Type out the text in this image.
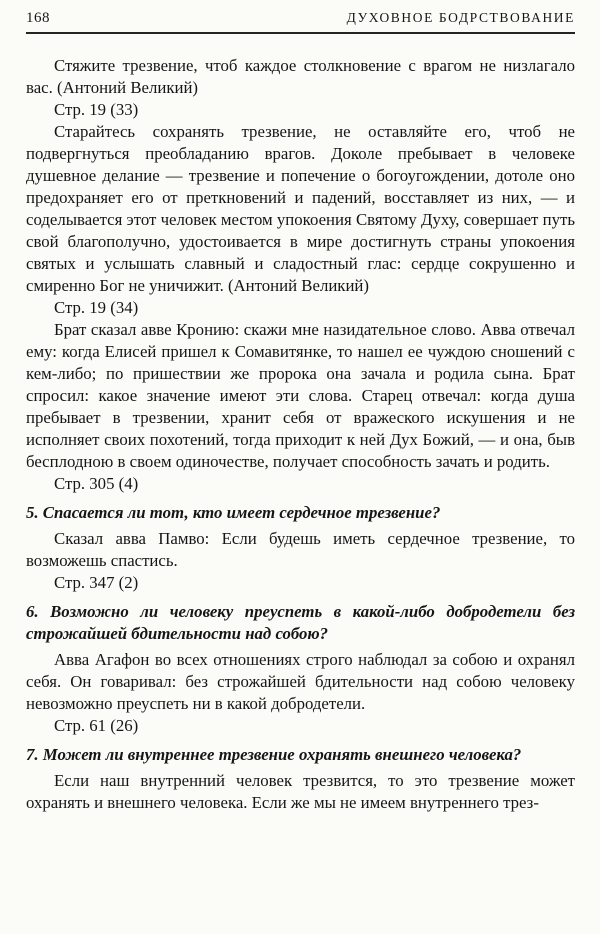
168	ДУХОВНОЕ БОДРСТВОВАНИЕ

Стяжите трезвение, чтоб каждое столкновение с врагом не низлагало вас. (Антоний Великий)

Стр. 19 (33)

Старайтесь сохранять трезвение, не оставляйте его, чтоб не подвергнуться преобладанию врагов. Доколе пребывает в человеке душевное делание — трезвение и попечение о богоугождении, дотоле оно предохраняет его от преткновений и падений, восставляет из них, — и соделывается этот человек местом упокоения Святому Духу, совершает путь свой благополучно, удостоивается в мире достигнуть страны упокоения святых и услышать славный и сладостный глас: сердце сокрушенно и смиренно Бог не уничижит. (Антоний Великий)

Стр. 19 (34)

Брат сказал авве Кронию: скажи мне назидательное слово. Авва отвечал ему: когда Елисей пришел к Сомавитянке, то нашел ее чуждою сношений с кем-либо; по пришествии же пророка она зачала и родила сына. Брат спросил: какое значение имеют эти слова. Старец отвечал: когда душа пребывает в трезвении, хранит себя от вражеского искушения и не исполняет своих похотений, тогда приходит к ней Дух Божий, — и она, быв бесплодною в своем одиночестве, получает способность зачать и родить.

Стр. 305 (4)

5. Спасается ли тот, кто имеет сердечное трезвение?

Сказал авва Памво: Если будешь иметь сердечное трезвение, то возможешь спастись.

Стр. 347 (2)

6. Возможно ли человеку преуспеть в какой-либо добродетели без строжайшей бдительности над собою?

Авва Агафон во всех отношениях строго наблюдал за собою и охранял себя. Он говаривал: без строжайшей бдительности над собою человеку невозможно преуспеть ни в какой добродетели.

Стр. 61 (26)

7. Может ли внутреннее трезвение охранять внешнего человека?

Если наш внутренний человек трезвится, то это трезвение может охранять и внешнего человека. Если же мы не имеем внутреннего трез-
